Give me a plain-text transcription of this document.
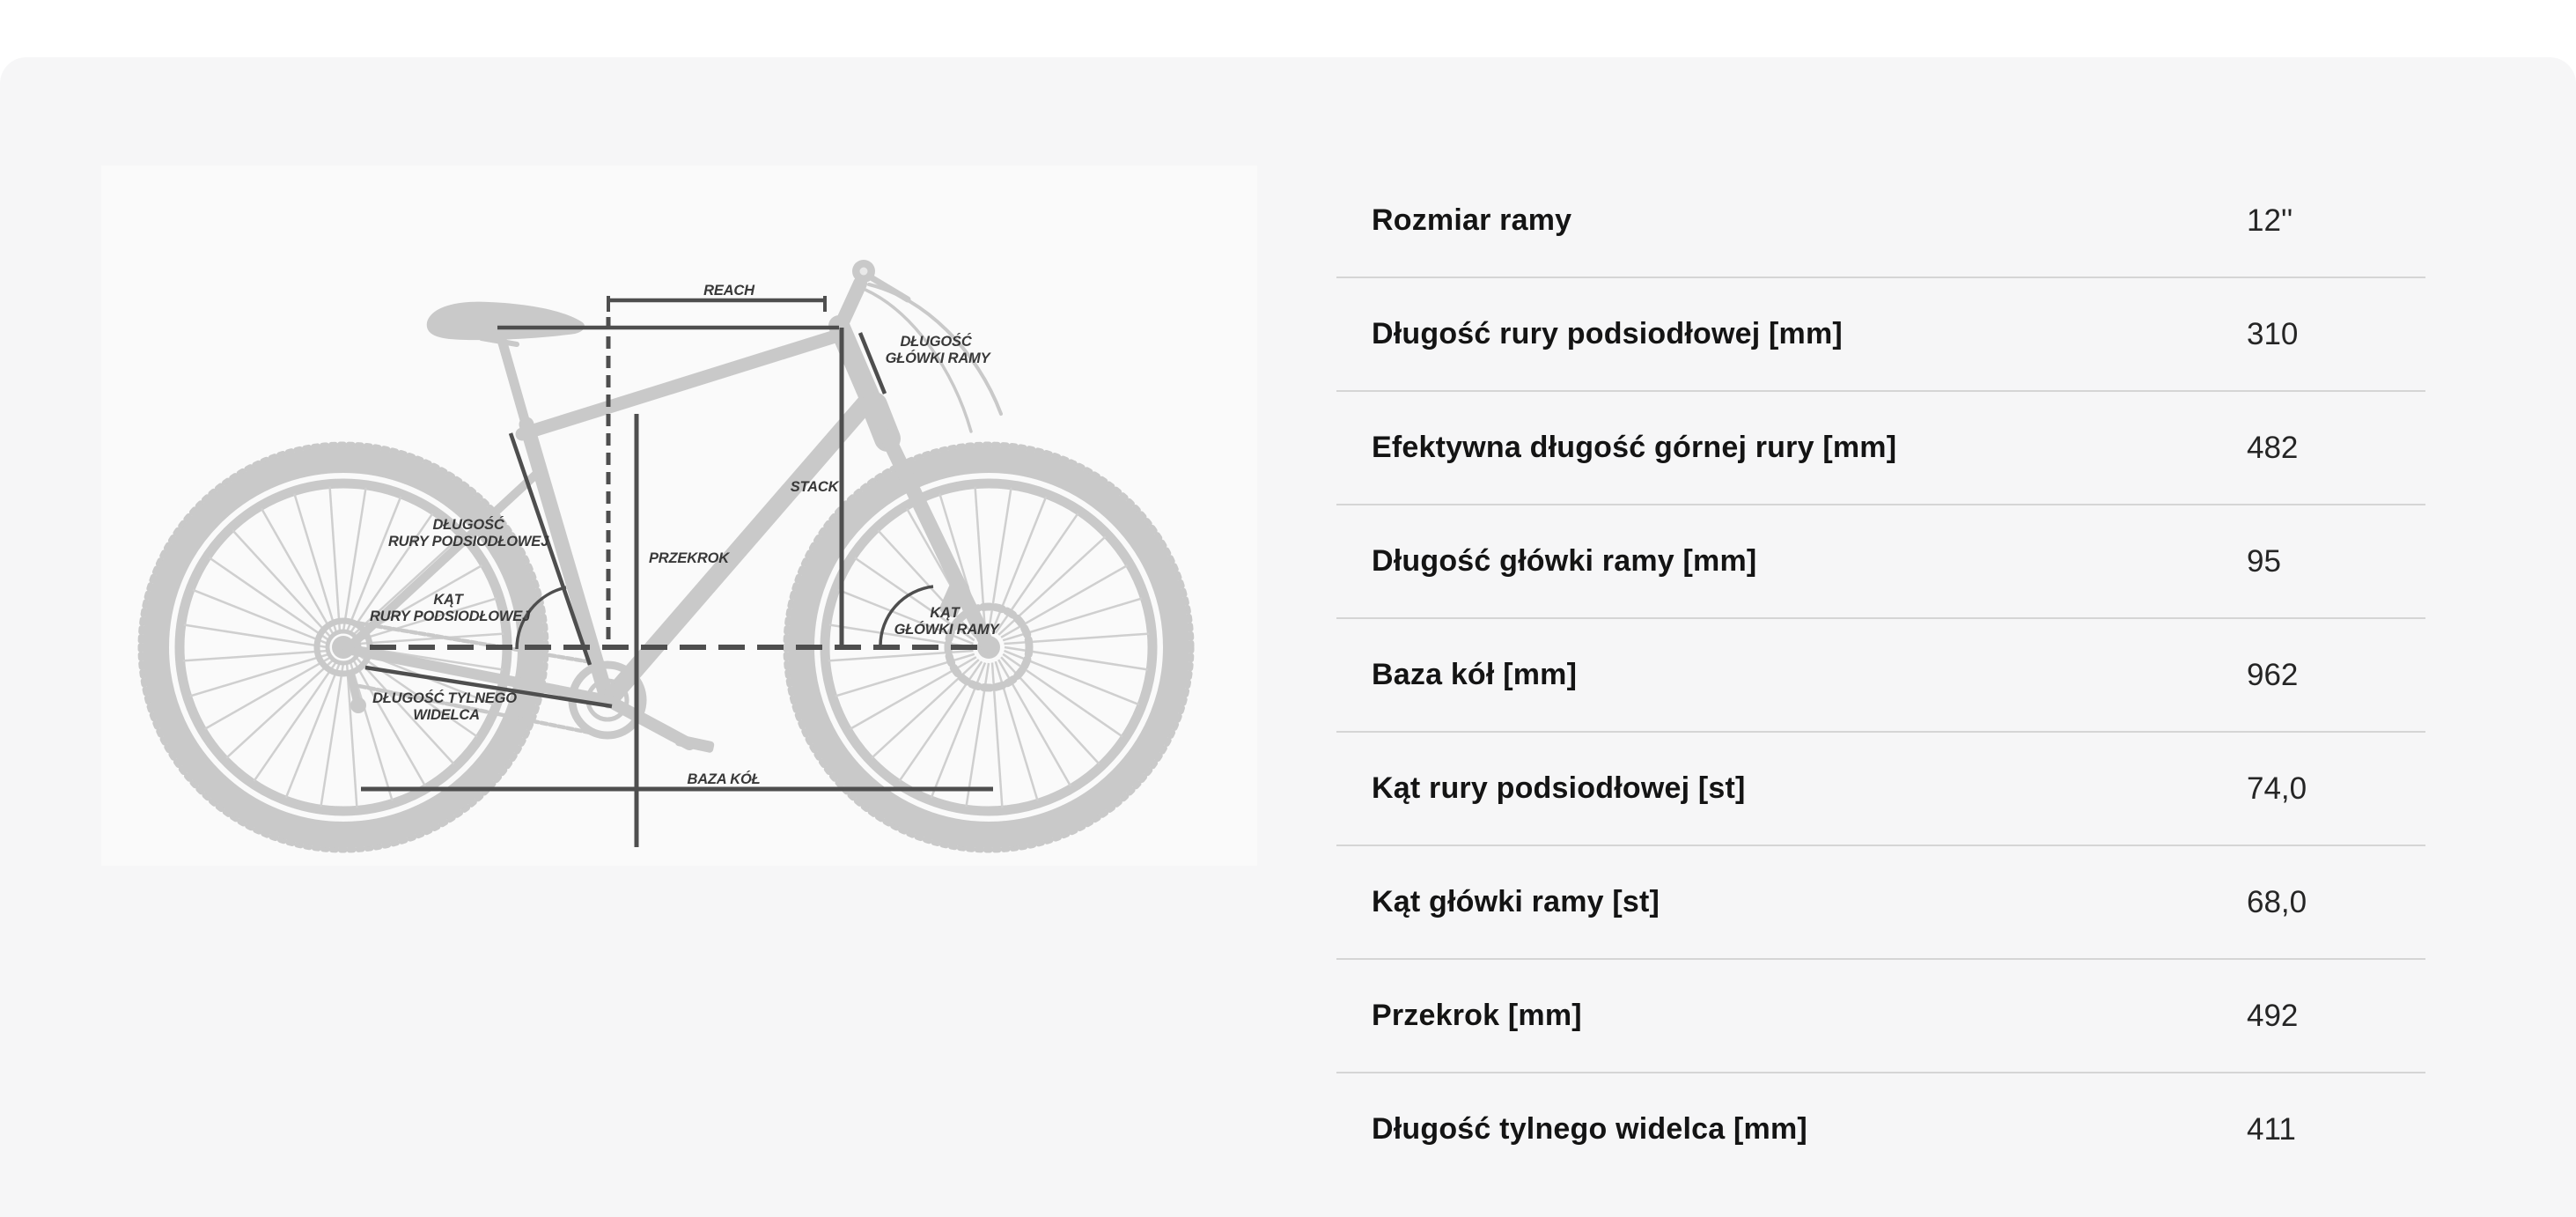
REACH
DŁUGOŚĆ
GŁÓWKI RAMY
STACK
PRZEKROK
DŁUGOŚĆ
RURY PODSIODŁOWEJ
KĄT
RURY PODSIODŁOWEJ	KĄT
GŁÓWKI RAMY
DŁUGOŚĆ TYLNEGO
WIDELCA
BAZA KÓŁ
Rozmiar ramy	12''
Długość rury podsiodłowej [mm]	310
Efektywna długość górnej rury [mm]	482
Długość główki ramy [mm]	95
Baza kół [mm]	962
Kąt rury podsiodłowej [st]	74,0
Kąt główki ramy [st]	68,0
Przekrok [mm]	492
Długość tylnego widelca [mm]	411
